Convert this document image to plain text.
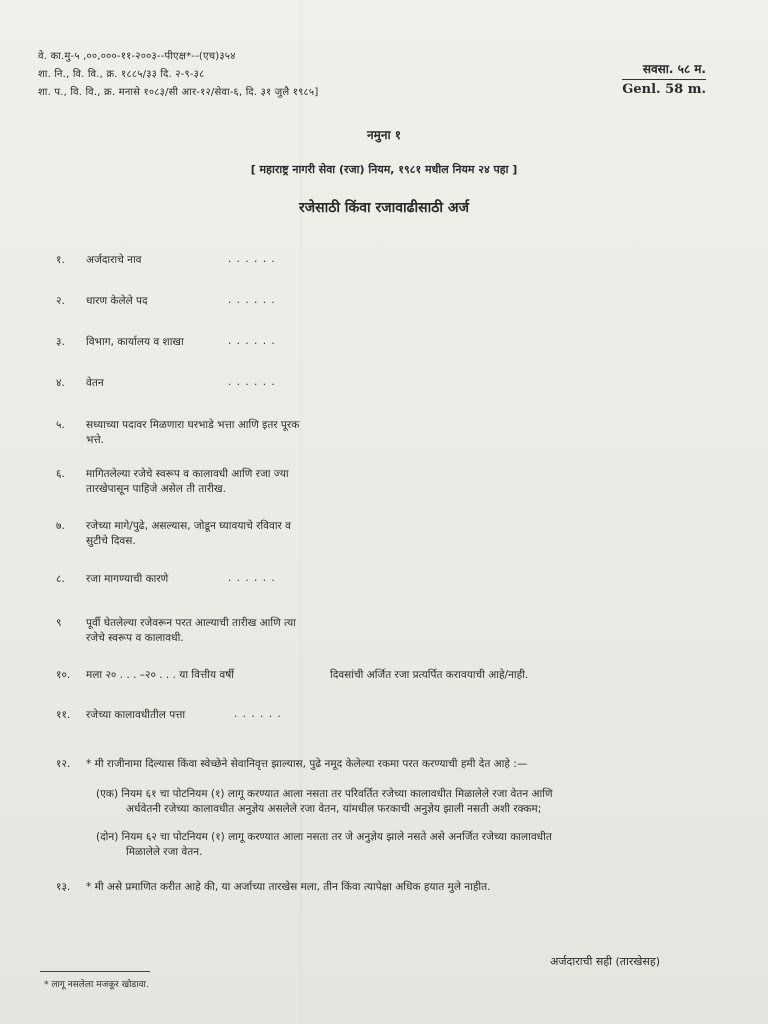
वे. का.मु-५ ,००,०००-११-२००३--पीएक्ष*--(एच)३५४
शा. नि., वि. वि., क्र. १८८५/३३ दि. २-९-३८
शा. प., वि. वि., क्र. मनासे १०८३/सी आर-१२/सेवा-६, दि. ३१ जुलै १९८५]
सवसा. ५८ म.
Genl. 58 m.
नमुना १
[ महाराष्ट्र नागरी सेवा (रजा) नियम, १९८१ मधील नियम २४ पहा ]
रजेसाठी किंवा रजावाढीसाठी अर्ज
१.	अर्जदाराचे नाव	. . . . . .
२.	धारण केलेले पद	. . . . . .
३.	विभाग, कार्यालय व शाखा	. . . . . .
४.	वेतन	. . . . . .
५.	सध्याच्या पदावर मिळणारा घरभाडे भत्ता आणि इतर पूरक
भत्ते.
६.	मागितलेल्या रजेचे स्वरूप व कालावधी आणि रजा ज्या
तारखेपासून पाहिजे असेल ती तारीख.
७.	रजेच्या मागे/पुढे, असल्यास, जोडून घ्यावयाचे रविवार व
सुटीचे दिवस.
८.	रजा मागण्याची कारणे	. . . . . .
९	पूर्वी घेतलेल्या रजेवरून परत आल्याची तारीख आणि त्या
रजेचे स्वरूप व कालावधी.
१०.	मला २० . . . –२० . . . या वित्तीय वर्षी	दिवसांची अर्जित रजा प्रत्यर्पित करावयाची आहे/नाही.
११.	रजेच्या कालावधीतील पत्ता	. . . . . .
१२.	* मी राजीनामा दिल्यास किंवा स्वेच्छेने सेवानिवृत्त झाल्यास, पुढे नमूद केलेल्या रकमा परत करण्याची हमी देत आहे :—
(एक) नियम ६१ चा पोटनियम (१) लागू करण्यात आला नसता तर परिवर्तित रजेच्या कालावधीत मिळालेले रजा वेतन आणि
अर्धवेतनी रजेच्या कालावधीत अनुज्ञेय असलेले रजा वेतन, यांमधील फरकाची अनुज्ञेय झाली नसती अशी रक्कम;
(दोन) नियम ६२ चा पोटनियम (१) लागू करण्यात आला नसता तर जे अनुज्ञेय झाले नसते असे अनर्जित रजेच्या कालावधीत
मिळालेले रजा वेतन.
१३.	* मी असे प्रमाणित करीत आहे की, या अर्जाच्या तारखेस मला, तीन किंवा त्यापेक्षा अधिक हयात मुले नाहीत.
अर्जदाराची सही (तारखेसह)
* लागू नसलेला मजकूर खोडावा.
